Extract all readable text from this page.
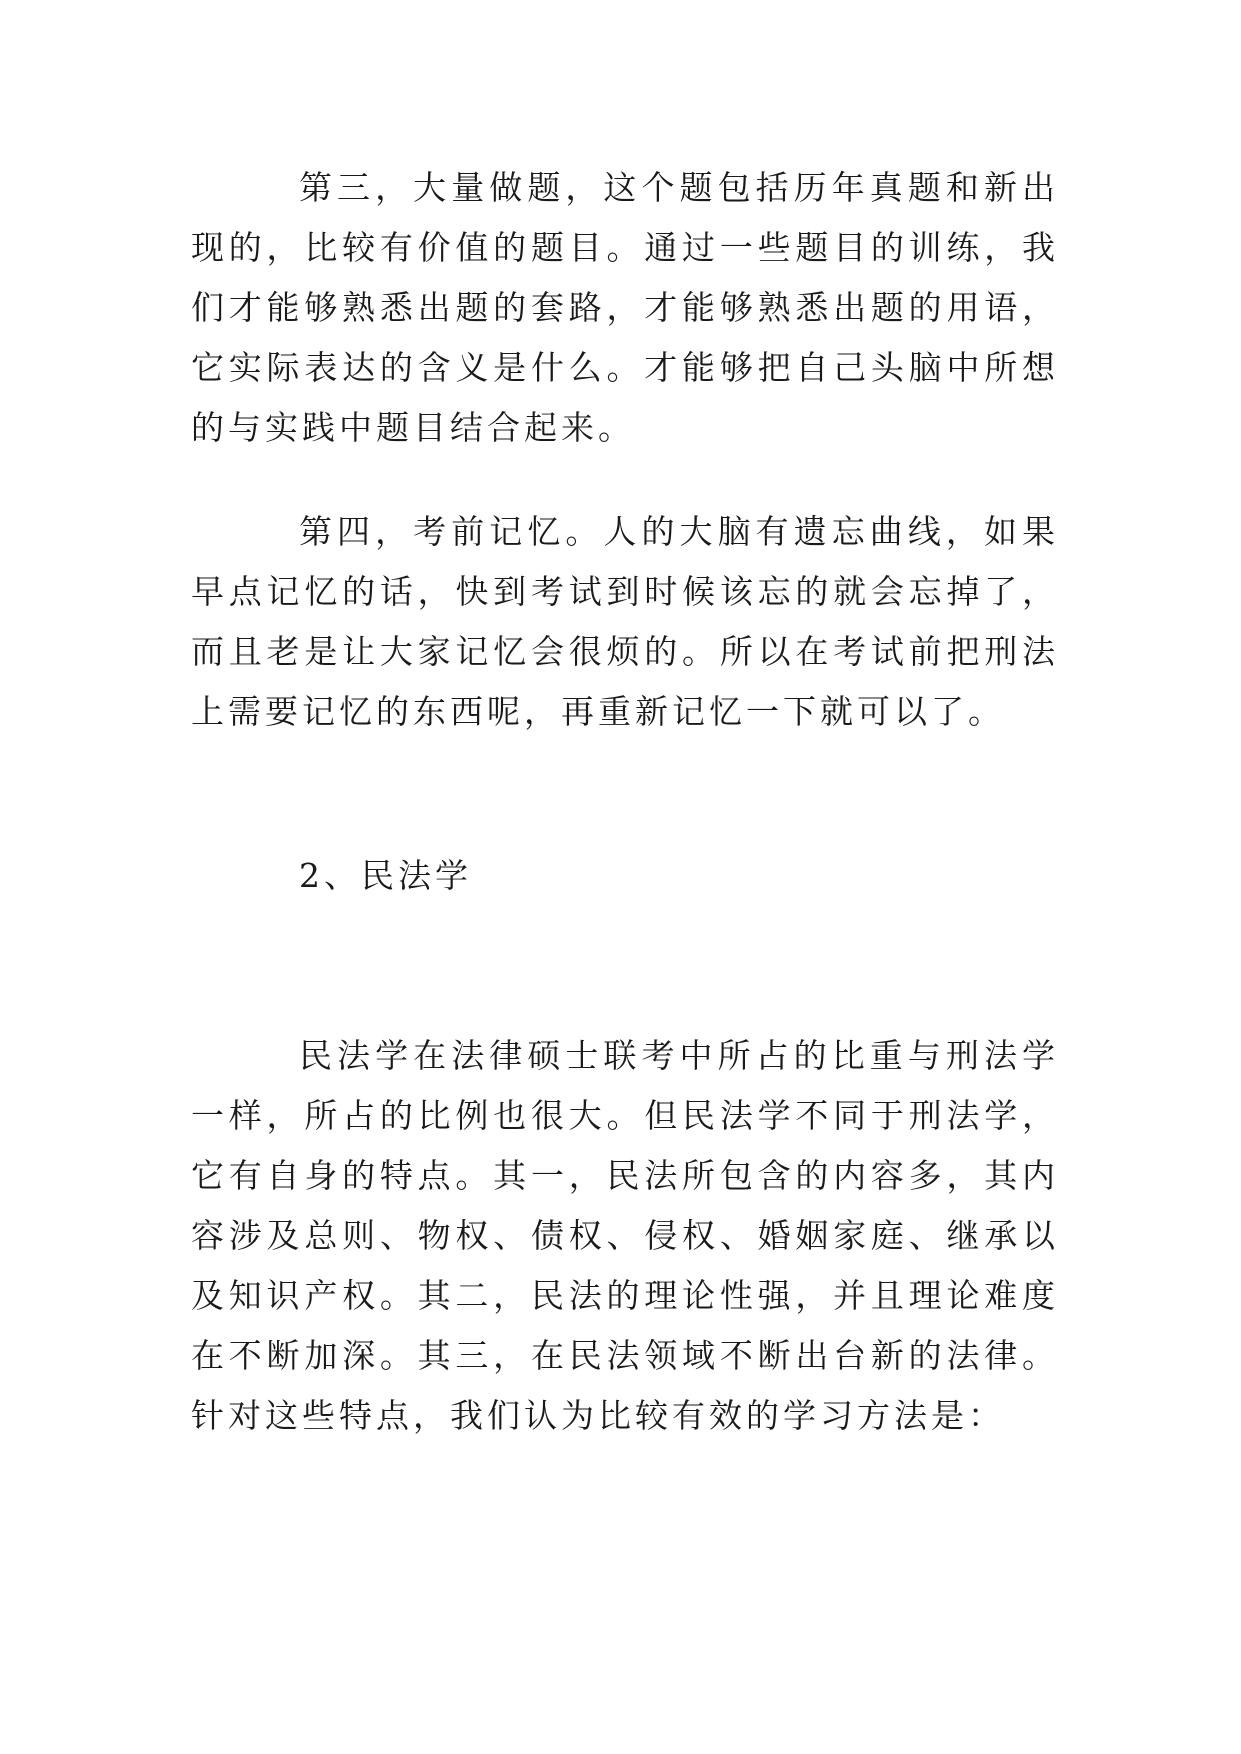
第三，大量做题，这个题包括历年真题和新出现的，比较有价值的题目。通过一些题目的训练，我们才能够熟悉出题的套路，才能够熟悉出题的用语，它实际表达的含义是什么。才能够把自己头脑中所想的与实践中题目结合起来。

第四，考前记忆。人的大脑有遗忘曲线，如果早点记忆的话，快到考试到时候该忘的就会忘掉了，而且老是让大家记忆会很烦的。所以在考试前把刑法上需要记忆的东西呢，再重新记忆一下就可以了。

2、民法学

民法学在法律硕士联考中所占的比重与刑法学一样，所占的比例也很大。但民法学不同于刑法学，它有自身的特点。其一，民法所包含的内容多，其内容涉及总则、物权、债权、侵权、婚姻家庭、继承以及知识产权。其二，民法的理论性强，并且理论难度在不断加深。其三，在民法领域不断出台新的法律。针对这些特点，我们认为比较有效的学习方法是：
